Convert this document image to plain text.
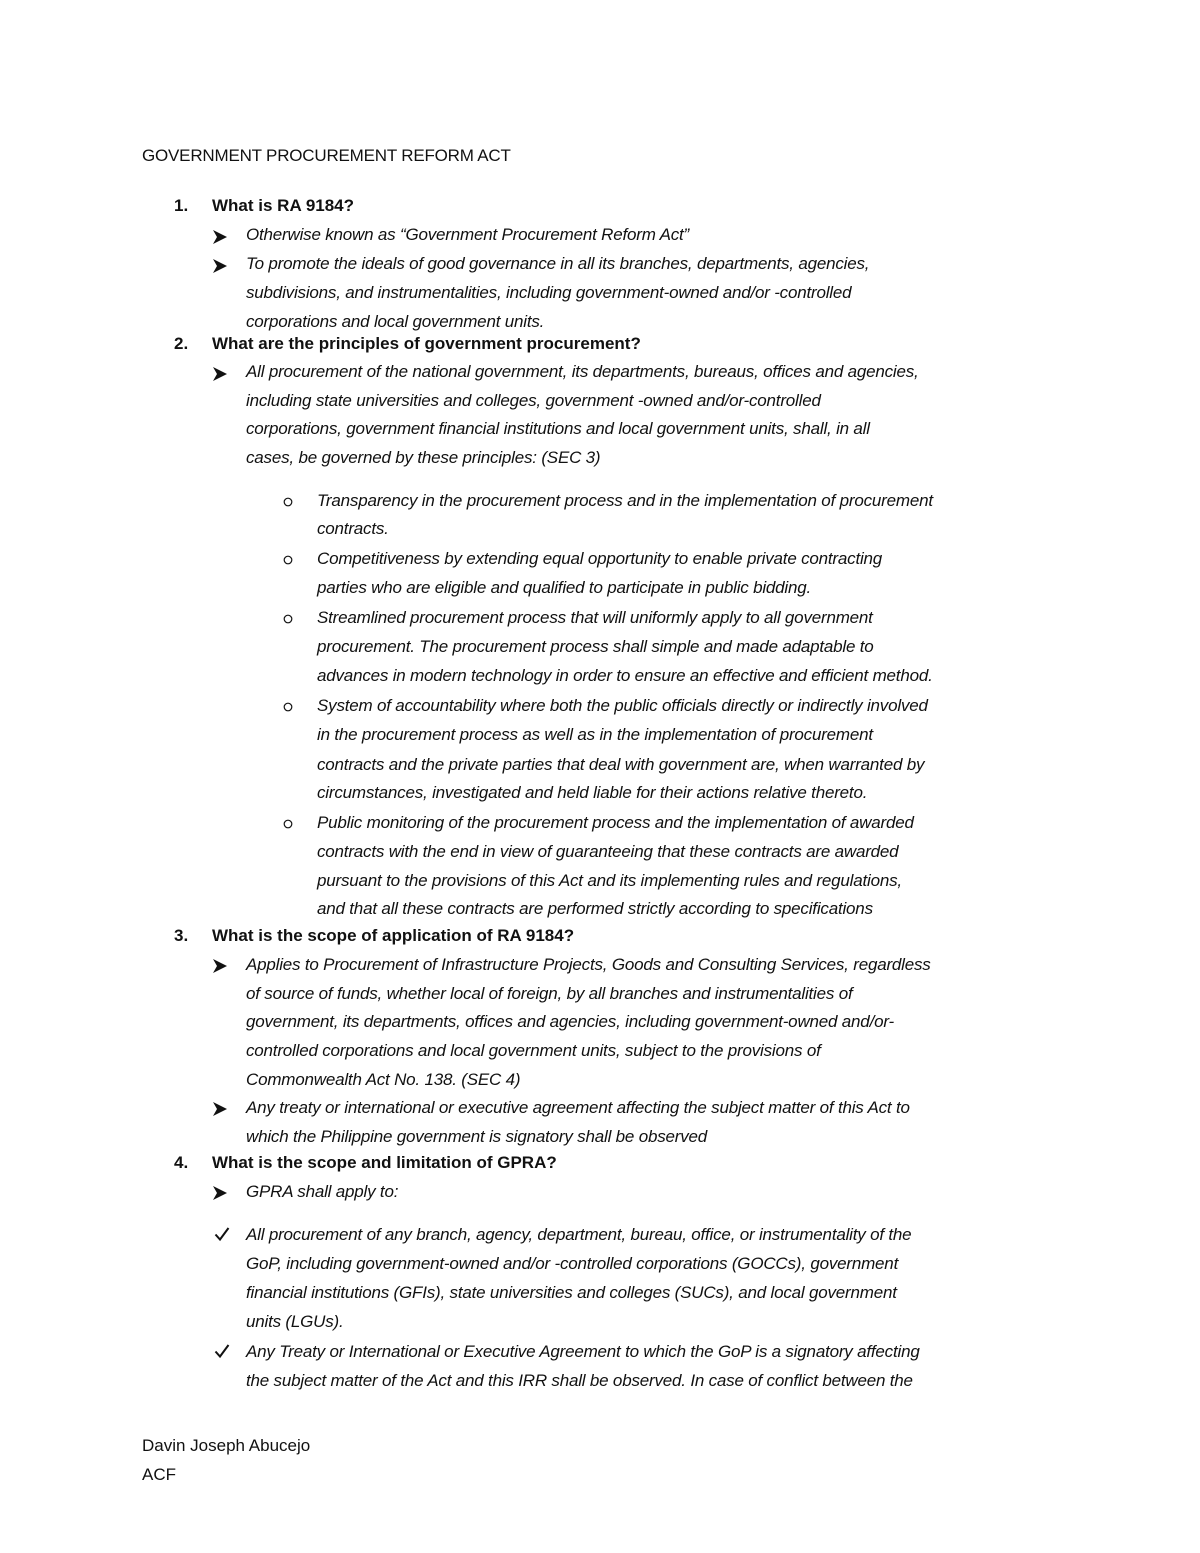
GOVERNMENT PROCUREMENT REFORM ACT
1. What is RA 9184?
Otherwise known as “Government Procurement Reform Act”
To promote the ideals of good governance in all its branches, departments, agencies,
subdivisions, and instrumentalities, including government-owned and/or -controlled
corporations and local government units.
2. What are the principles of government procurement?
All procurement of the national government, its departments, bureaus, offices and agencies,
including state universities and colleges, government -owned and/or-controlled
corporations, government financial institutions and local government units, shall, in all
cases, be governed by these principles: (SEC 3)
Transparency in the procurement process and in the implementation of procurement
contracts.
Competitiveness by extending equal opportunity to enable private contracting
parties who are eligible and qualified to participate in public bidding.
Streamlined procurement process that will uniformly apply to all government
procurement. The procurement process shall simple and made adaptable to
advances in modern technology in order to ensure an effective and efficient method.
System of accountability where both the public officials directly or indirectly involved
in the procurement process as well as in the implementation of procurement
contracts and the private parties that deal with government are, when warranted by
circumstances, investigated and held liable for their actions relative thereto.
Public monitoring of the procurement process and the implementation of awarded
contracts with the end in view of guaranteeing that these contracts are awarded
pursuant to the provisions of this Act and its implementing rules and regulations,
and that all these contracts are performed strictly according to specifications
3. What is the scope of application of RA 9184?
Applies to Procurement of Infrastructure Projects, Goods and Consulting Services, regardless
of source of funds, whether local of foreign, by all branches and instrumentalities of
government, its departments, offices and agencies, including government-owned and/or-
controlled corporations and local government units, subject to the provisions of
Commonwealth Act No. 138. (SEC 4)
Any treaty or international or executive agreement affecting the subject matter of this Act to
which the Philippine government is signatory shall be observed
4. What is the scope and limitation of GPRA?
GPRA shall apply to:
All procurement of any branch, agency, department, bureau, office, or instrumentality of the
GoP, including government-owned and/or -controlled corporations (GOCCs), government
financial institutions (GFIs), state universities and colleges (SUCs), and local government
units (LGUs).
Any Treaty or International or Executive Agreement to which the GoP is a signatory affecting
the subject matter of the Act and this IRR shall be observed. In case of conflict between the
Davin Joseph Abucejo
ACF
